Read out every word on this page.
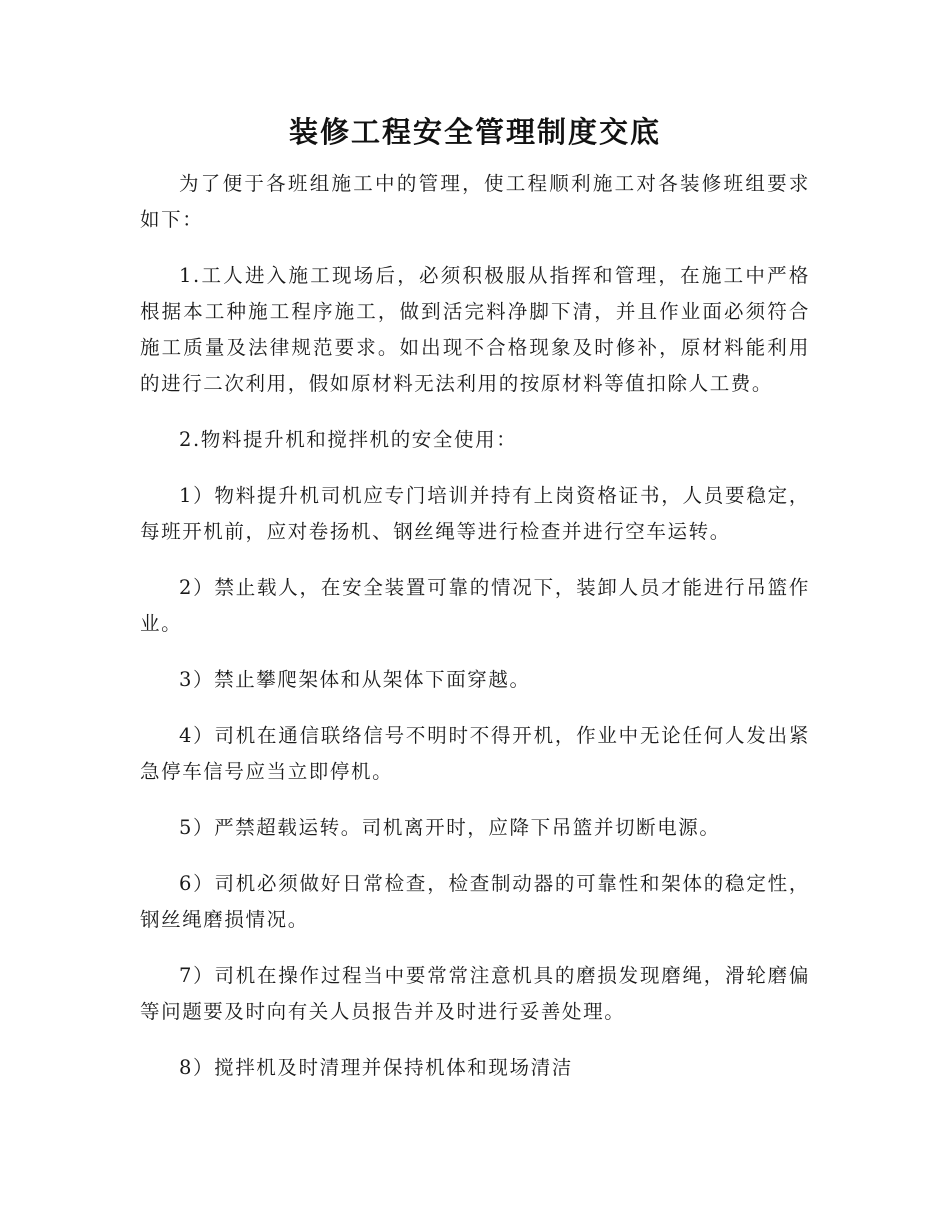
装修工程安全管理制度交底

为了便于各班组施工中的管理，使工程顺利施工对各装修班组要求如下：

1.工人进入施工现场后，必须积极服从指挥和管理，在施工中严格根据本工种施工程序施工，做到活完料净脚下清，并且作业面必须符合施工质量及法律规范要求。如出现不合格现象及时修补，原材料能利用的进行二次利用，假如原材料无法利用的按原材料等值扣除人工费。

2.物料提升机和搅拌机的安全使用：

1）物料提升机司机应专门培训并持有上岗资格证书，人员要稳定，每班开机前，应对卷扬机、钢丝绳等进行检查并进行空车运转。

2）禁止载人，在安全装置可靠的情况下，装卸人员才能进行吊篮作业。

3）禁止攀爬架体和从架体下面穿越。

4）司机在通信联络信号不明时不得开机，作业中无论任何人发出紧急停车信号应当立即停机。

5）严禁超载运转。司机离开时，应降下吊篮并切断电源。

6）司机必须做好日常检查，检查制动器的可靠性和架体的稳定性，钢丝绳磨损情况。

7）司机在操作过程当中要常常注意机具的磨损发现磨绳，滑轮磨偏等问题要及时向有关人员报告并及时进行妥善处理。

8）搅拌机及时清理并保持机体和现场清洁
